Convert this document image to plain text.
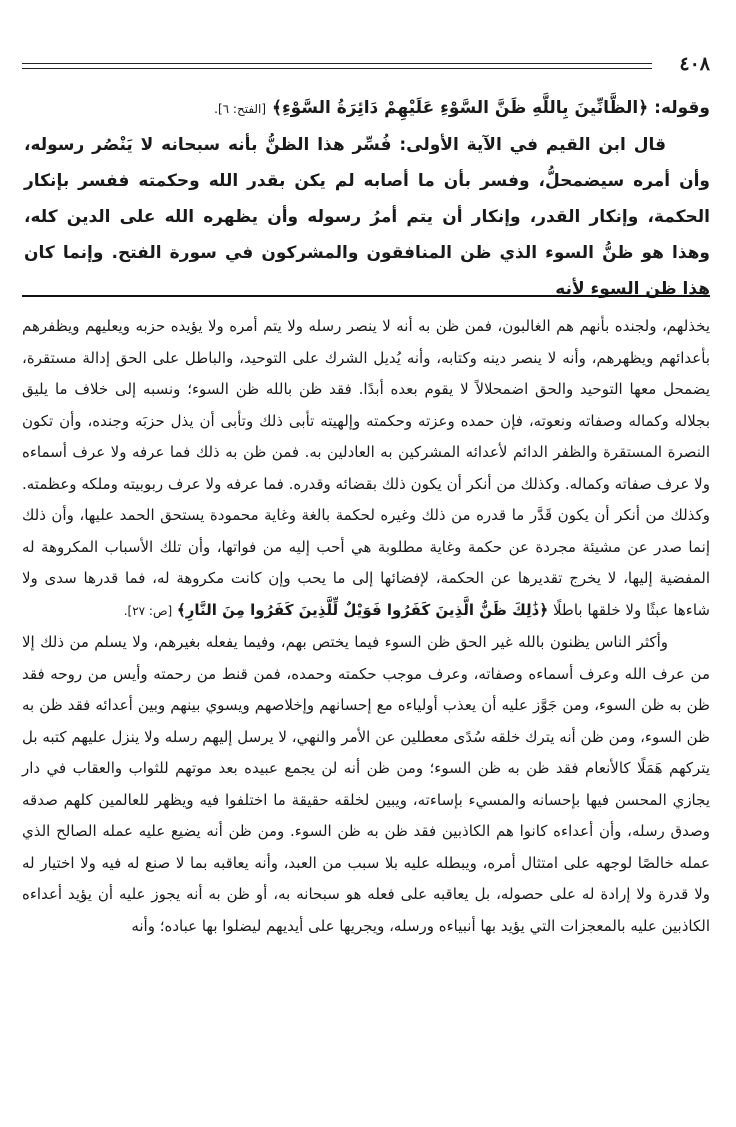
٤٠٨

وقوله: ﴿الظَّانِّينَ بِاللَّهِ ظَنَّ السَّوْءِ عَلَيْهِمْ دَائِرَةُ السَّوْءِ﴾ [الفتح: ٦].

قال ابن القيم في الآية الأولى: فُسِّر هذا الظنُّ بأنه سبحانه لا يَنْصُر رسوله، وأن أمره سيضمحلُّ، وفسر بأن ما أصابه لم يكن بقدر الله وحكمته ففسر بإنكار الحكمة، وإنكار القدر، وإنكار أن يتم أمرُ رسوله وأن يظهره الله على الدين كله، وهذا هو ظنُّ السوء الذي ظن المنافقون والمشركون في سورة الفتح. وإنما كان هذا ظن السوء لأنه

يخذلهم، ولجنده بأنهم هم الغالبون، فمن ظن به أنه لا ينصر رسله ولا يتم أمره ولا يؤيده حزبه ويعليهم ويظفرهم بأعدائهم ويظهرهم، وأنه لا ينصر دينه وكتابه، وأنه يُديل الشرك على التوحيد، والباطل على الحق إدالة مستقرة، يضمحل معها التوحيد والحق اضمحلالاً لا يقوم بعده أبدًا. فقد ظن بالله ظن السوء؛ ونسبه إلى خلاف ما يليق بجلاله وكماله وصفاته ونعوته، فإن حمده وعزته وحكمته وإلهيته تأبى ذلك وتأبى أن يذل حزبَه وجنده، وأن تكون النصرة المستقرة والظفر الدائم لأعدائه المشركين به العادلين به. فمن ظن به ذلك فما عرفه ولا عرف أسماءه ولا عرف صفاته وكماله. وكذلك من أنكر أن يكون ذلك بقضائه وقدره. فما عرفه ولا عرف ربوبيته وملكه وعظمته. وكذلك من أنكر أن يكون قَدَّر ما قدره من ذلك وغيره لحكمة بالغة وغاية محمودة يستحق الحمد عليها، وأن ذلك إنما صدر عن مشيئة مجردة عن حكمة وغاية مطلوبة هي أحب إليه من فواتها، وأن تلك الأسباب المكروهة له المفضية إليها، لا يخرج تقديرها عن الحكمة، لإفضائها إلى ما يحب وإن كانت مكروهة له، فما قدرها سدى ولا شاءها عبثًا ولا خلقها باطلًا ﴿ذَٰلِكَ ظَنُّ الَّذِينَ كَفَرُوا فَوَيْلٌ لِّلَّذِينَ كَفَرُوا مِنَ النَّارِ﴾ [ص: ٢٧].

وأكثر الناس يظنون بالله غير الحق ظن السوء فيما يختص بهم، وفيما يفعله بغيرهم، ولا يسلم من ذلك إلا من عرف الله وعرف أسماءه وصفاته، وعرف موجب حكمته وحمده، فمن قنط من رحمته وأيس من روحه فقد ظن به ظن السوء، ومن جَوَّز عليه أن يعذب أولياءه مع إحسانهم وإخلاصهم ويسوي بينهم وبين أعدائه فقد ظن به ظن السوء، ومن ظن أنه يترك خلقه سُدًى معطلين عن الأمر والنهي، لا يرسل إليهم رسله ولا ينزل عليهم كتبه بل يتركهم هَمَلًا كالأنعام فقد ظن به ظن السوء؛ ومن ظن أنه لن يجمع عبيده بعد موتهم للثواب والعقاب في دار يجازي المحسن فيها بإحسانه والمسيء بإساءته، ويبين لخلقه حقيقة ما اختلفوا فيه ويظهر للعالمين كلهم صدقه وصدق رسله، وأن أعداءه كانوا هم الكاذبين فقد ظن به ظن السوء. ومن ظن أنه يضيع عليه عمله الصالح الذي عمله خالصًا لوجهه على امتثال أمره، ويبطله عليه بلا سبب من العبد، وأنه يعاقبه بما لا صنع له فيه ولا اختيار له ولا قدرة ولا إرادة له على حصوله، بل يعاقبه على فعله هو سبحانه به، أو ظن به أنه يجوز عليه أن يؤيد أعداءه الكاذبين عليه بالمعجزات التي يؤيد بها أنبياءه ورسله، ويجريها على أيديهم ليضلوا بها عباده؛ وأنه
